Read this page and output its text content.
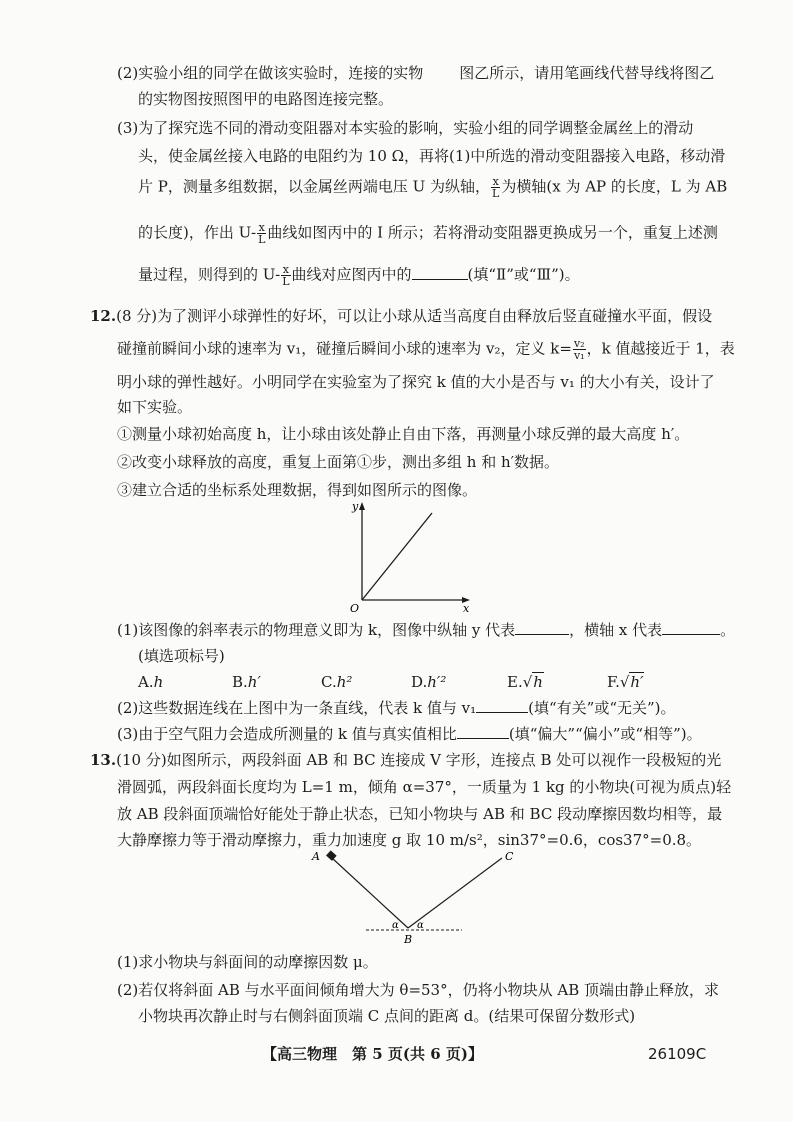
(2)实验小组的同学在做该实验时，连接的实物  图乙所示，请用笔画线代替导线将图乙
的实物图按照图甲的电路图连接完整。
(3)为了探究选不同的滑动变阻器对本实验的影响，实验小组的同学调整金属丝上的滑动
头，使金属丝接入电路的电阻约为 10 Ω，再将(1)中所选的滑动变阻器接入电路，移动滑
片 P，测量多组数据，以金属丝两端电压 U 为纵轴， $\frac{x}{L}$ 为横轴(x 为 AP 的长度，L 为 AB
的长度)，作出 $U- \frac{x}{L}$ 曲线如图丙中的 Ⅰ 所示；若将滑动变阻器更换成另一个，重复上述测
量过程，则得到的 $U- \frac{x}{L}$ 曲线对应图丙中的	(填“Ⅱ”或“Ⅲ”)。
12.(8 分)为了测评小球弹性的好坏，可以让小球从适当高度自由释放后竖直碰撞水平面，假设
碰撞前瞬间小球的速率为 v₁，碰撞后瞬间小球的速率为 v₂，定义 $k= \frac{\text{v₂}}{\text{v₁}}$ ，k 值越接近于 1，表
明小球的弹性越好。小明同学在实验室为了探究 k 值的大小是否与 v₁ 的大小有关，设计了
如下实验。
①测量小球初始高度 h，让小球由该处静止自由下落，再测量小球反弹的最大高度 h′。
②改变小球释放的高度，重复上面第①步，测出多组 h 和 h′数据。
③建立合适的坐标系处理数据，得到如图所示的图像。
y
x
O
(1)该图像的斜率表示的物理意义即为 k，图像中纵轴 y 代表	，横轴 x 代表	。
(填选项标号)
A.h	B.h′	C.h²	D.h′²	E.√h	F.√h′
(2)这些数据连线在上图中为一条直线，代表 k 值与 v₁	(填“有关”或“无关”)。
(3)由于空气阻力会造成所测量的 k 值与真实值相比	(填“偏大”“偏小”或“相等”)。
13.(10 分)如图所示，两段斜面 AB 和 BC 连接成 V 字形，连接点 B 处可以视作一段极短的光
滑圆弧，两段斜面长度均为 L=1 m，倾角 α=37°，一质量为 1 kg 的小物块(可视为质点)轻
放 AB 段斜面顶端恰好能处于静止状态，已知小物块与 AB 和 BC 段动摩擦因数均相等，最
大静摩擦力等于滑动摩擦力，重力加速度 g 取 10 m/s²，sin37°=0.6，cos37°=0.8。
A
B
C
α α
(1)求小物块与斜面间的动摩擦因数 μ。
(2)若仅将斜面 AB 与水平面间倾角增大为 θ=53°，仍将小物块从 AB 顶端由静止释放，求
小物块再次静止时与右侧斜面顶端 C 点间的距离 d。(结果可保留分数形式)
【高三物理　第 5 页(共 6 页)】	26109C
